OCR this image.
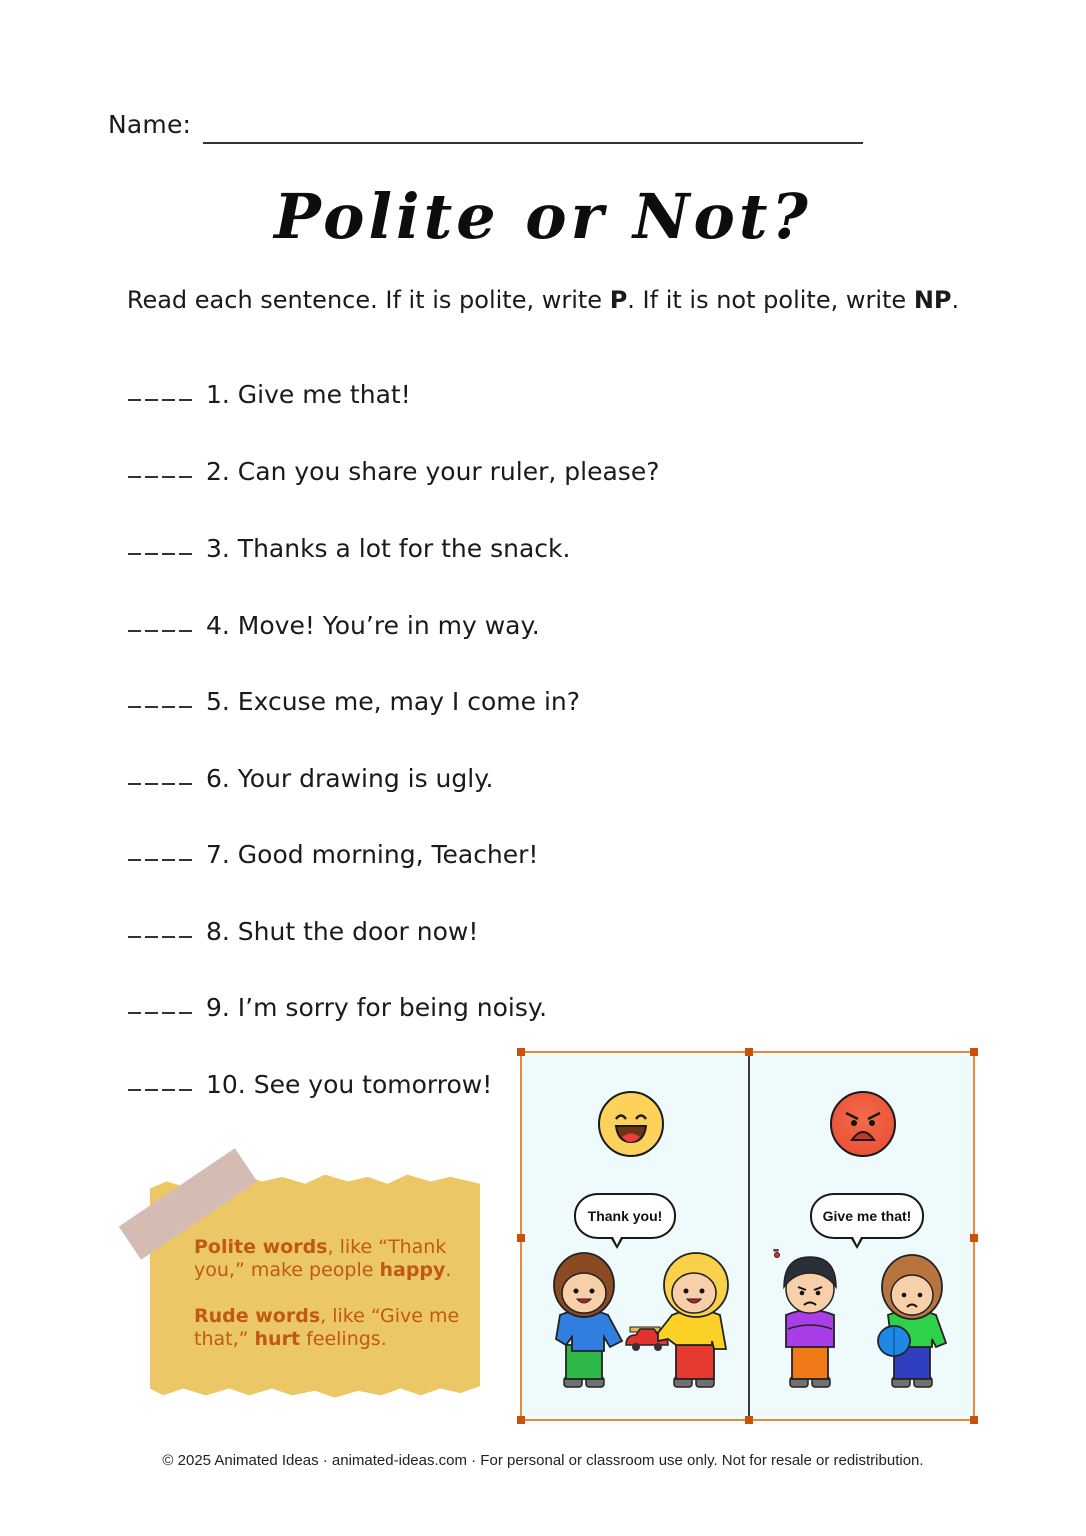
Name:
Polite or Not?
Read each sentence. If it is polite, write P. If it is not polite, write NP.
1. Give me that!
2. Can you share your ruler, please?
3. Thanks a lot for the snack.
4. Move! You’re in my way.
5. Excuse me, may I come in?
6. Your drawing is ugly.
7. Good morning, Teacher!
8. Shut the door now!
9. I’m sorry for being noisy.
10. See you tomorrow!

Polite words, like “Thank you,” make people happy.

Rude words, like “Give me that,” hurt feelings.

Thank you!	Give me that!
© 2025 Animated Ideas · animated-ideas.com · For personal or classroom use only. Not for resale or redistribution.
